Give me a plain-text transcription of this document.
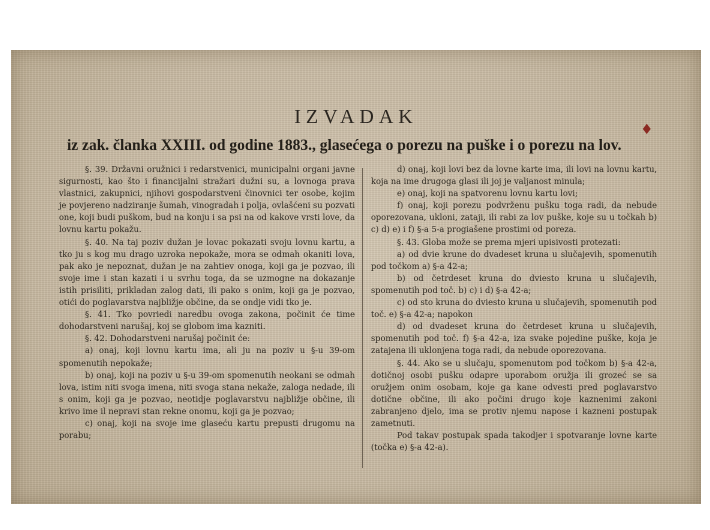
IZVADAK
♦
iz zak. članka XXIII. od godine 1883., glasećega o porezu na puške i o porezu na lov.

§. 39. Državni oružnici i redarstvenici, municipalni organi javne sigurnosti, kao što i financijalni stražari dužni su, a lovnoga prava vlastnici, zakupnici, njihovi gospodarstveni činovnici ter osobe, kojim je povjereno nadziranje šumah, vinogradah i polja, ovlašćeni su pozvati one, koji budi puškom, bud na konju i sa psi na od kakove vrsti love, da lovnu kartu pokažu.

§. 40. Na taj poziv dužan je lovac pokazati svoju lovnu kartu, a tko ju s kog mu drago uzroka nepokaže, mora se odmah okaniti lova, pak ako je nepoznat, dužan je na zahtiev onoga, koji ga je pozvao, ili svoje ime i stan kazati i u svrhu toga, da se uzmogne na dokazanje istih prisiliti, prikladan zalog dati, ili pako s onim, koji ga je pozvao, otići do poglavarstva najbližje občine, da se ondje vidi tko je.

§. 41. Tko povriedi naredbu ovoga zakona, počinit će time dohodarstveni narušaj, koj se globom ima kazniti.

§. 42. Dohodarstveni narušaj počinit će:

a) onaj, koji lovnu kartu ima, ali ju na poziv u §-u 39-om spomenutih nepokaže;

b) onaj, koji na poziv u §-u 39-om spomenutih neokani se odmah lova, istim niti svoga imena, niti svoga stana nekaže, zaloga nedade, ili s onim, koji ga je pozvao, neotidje poglavarstvu najbližje občine, ili krivo ime il nepravi stan rekne onomu, koji ga je pozvao;

c) onaj, koji na svoje ime glaseću kartu prepusti drugomu na porabu;

d) onaj, koji lovi bez da lovne karte ima, ili lovi na lovnu kartu, koja na ime drugoga glasi ili joj je valjanost minula;

e) onaj, koji na spatvorenu lovnu kartu lovi;

f) onaj, koji porezu podvrženu pušku toga radi, da nebude oporezovana, ukloni, zataji, ili rabi za lov puške, koje su u točkah b) c) d) e) i f) §-a 5-a progiašene prostimi od poreza.

§. 43. Globa može se prema mjeri upisivosti protezati:

a) od dvie krune do dvadeset kruna u slučajevih, spomenutih pod točkom a) §-a 42-a;

b) od četrdeset kruna do dviesto kruna u slučajevih, spomenutih pod toč. b) c) i d) §-a 42-a;

c) od sto kruna do dviesto kruna u slučajevih, spomenutih pod toč. e) §-a 42-a; napokon

d) od dvadeset kruna do četrdeset kruna u slučajevih, spomenutih pod toč. f) §-a 42-a, iza svake pojedine puške, koja je zatajena ili uklonjena toga radi, da nebude oporezovana.

§. 44. Ako se u slučaju, spomenutom pod točkom b) §-a 42-a, dotičnoj osobi pušku odapre uporabom oružja ili grozeć se sa oružjem onim osobam, koje ga kane odvesti pred poglavarstvo dotične občine, ili ako počini drugo koje kaznenimi zakoni zabranjeno djelo, ima se protiv njemu napose i kazneni postupak zametnuti.

Pod takav postupak spada takodjer i spotvaranje lovne karte (točka e) §-a 42-a).
